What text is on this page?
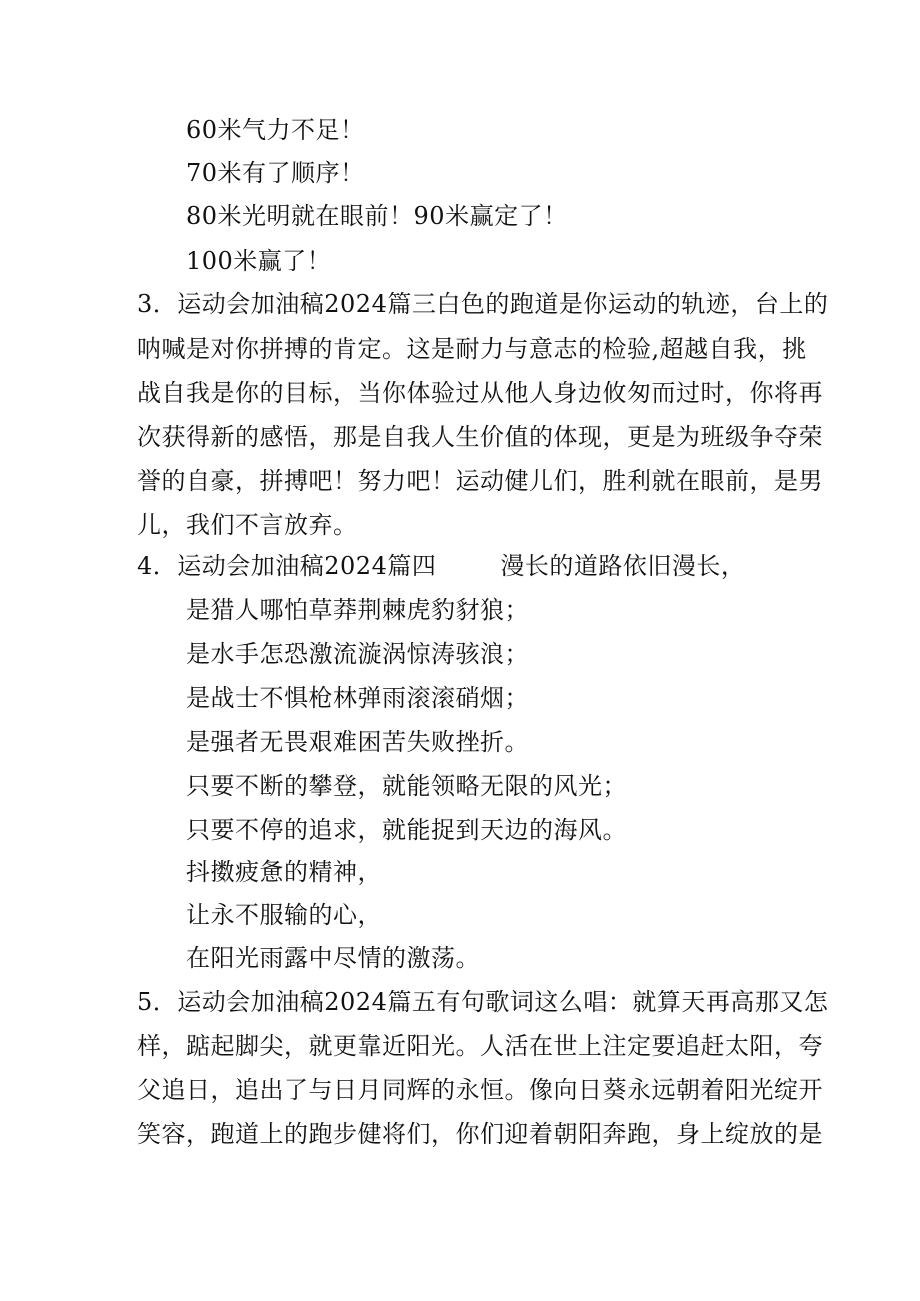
60米气力不足！
70米有了顺序！
80米光明就在眼前！90米赢定了！
100米赢了！
3．运动会加油稿2024篇三白色的跑道是你运动的轨迹，台上的
呐喊是对你拼搏的肯定。这是耐力与意志的检验,超越自我，挑
战自我是你的目标，当你体验过从他人身边攸匆而过时，你将再
次获得新的感悟，那是自我人生价值的体现，更是为班级争夺荣
誉的自豪，拼搏吧！努力吧！运动健儿们，胜利就在眼前，是男
儿，我们不言放弃。
4．运动会加油稿2024篇四	漫长的道路依旧漫长，
是猎人哪怕草莽荆棘虎豹豺狼；
是水手怎恐激流漩涡惊涛骇浪；
是战士不惧枪林弹雨滚滚硝烟；
是强者无畏艰难困苦失败挫折。
只要不断的攀登，就能领略无限的风光；
只要不停的追求，就能捉到天边的海风。
抖擞疲惫的精神，
让永不服输的心，
在阳光雨露中尽情的激荡。
5．运动会加油稿2024篇五有句歌词这么唱：就算天再高那又怎
样，踮起脚尖，就更靠近阳光。人活在世上注定要追赶太阳，夸
父追日，追出了与日月同辉的永恒。像向日葵永远朝着阳光绽开
笑容，跑道上的跑步健将们，你们迎着朝阳奔跑，身上绽放的是
